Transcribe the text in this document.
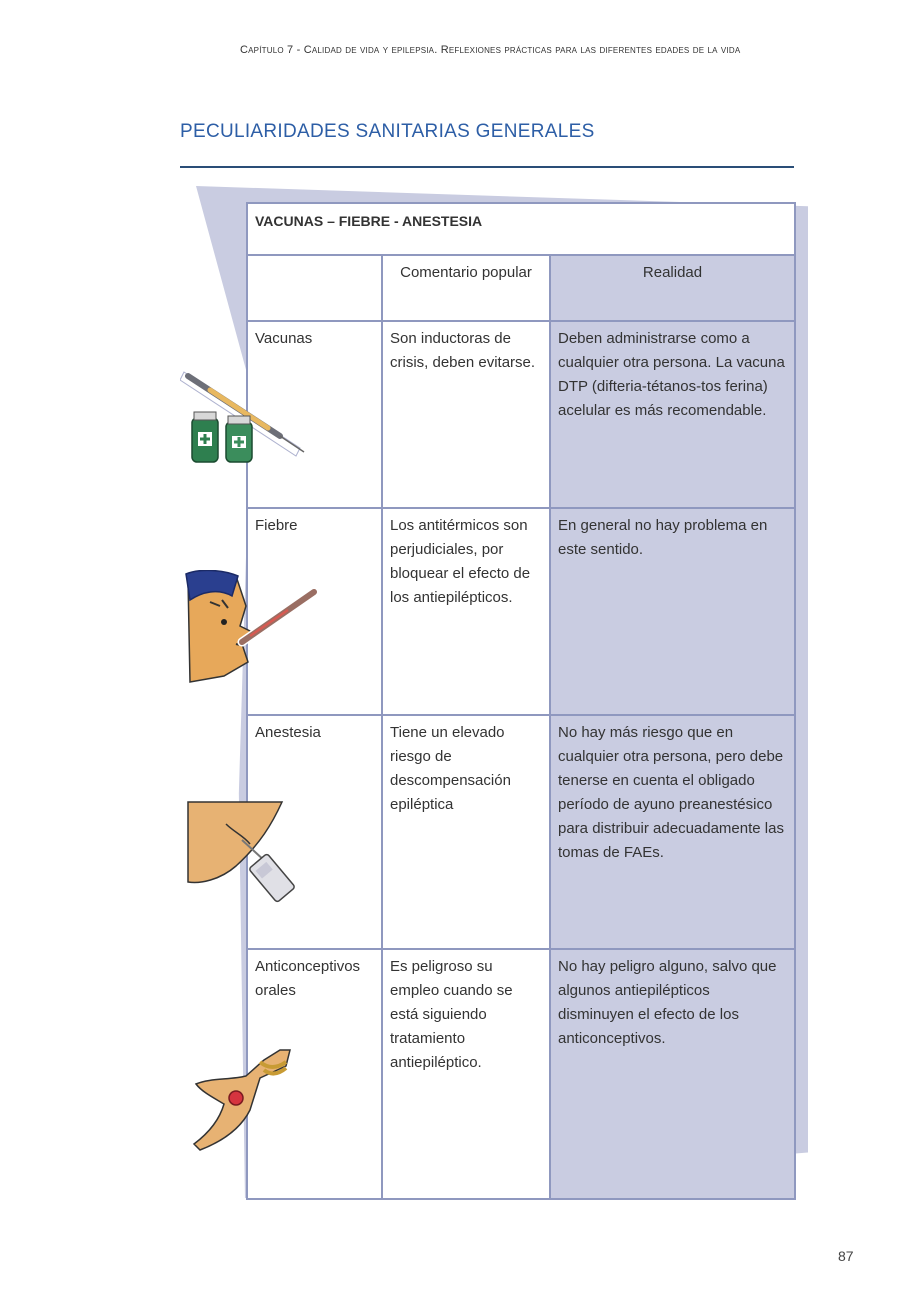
Capítulo 7 - Calidad de vida y epilepsia. Reflexiones prácticas para las diferentes edades de la vida
PECULIARIDADES SANITARIAS GENERALES
VACUNAS – FIEBRE - ANESTESIA		
	Comentario popular	Realidad
Vacunas	Son inductoras de crisis, deben evitarse.	Deben administrarse como a cualquier otra persona. La vacuna DTP (difteria-tétanos-tos ferina) acelular es más recomendable.
Fiebre	Los antitérmicos son perjudiciales, por bloquear el efecto de los antiepilépticos.	En general no hay problema en este sentido.
Anestesia	Tiene un elevado riesgo de descompensación epiléptica	No hay más riesgo que en cualquier otra persona, pero debe tenerse en cuenta el obligado período de ayuno preanestésico para distribuir adecuadamente las tomas de FAEs.
Anticonceptivos orales	Es peligroso su empleo cuando se está siguiendo tratamiento antiepiléptico.	No hay peligro alguno, salvo que algunos antiepilépticos disminuyen el efecto de los anticonceptivos.
87
